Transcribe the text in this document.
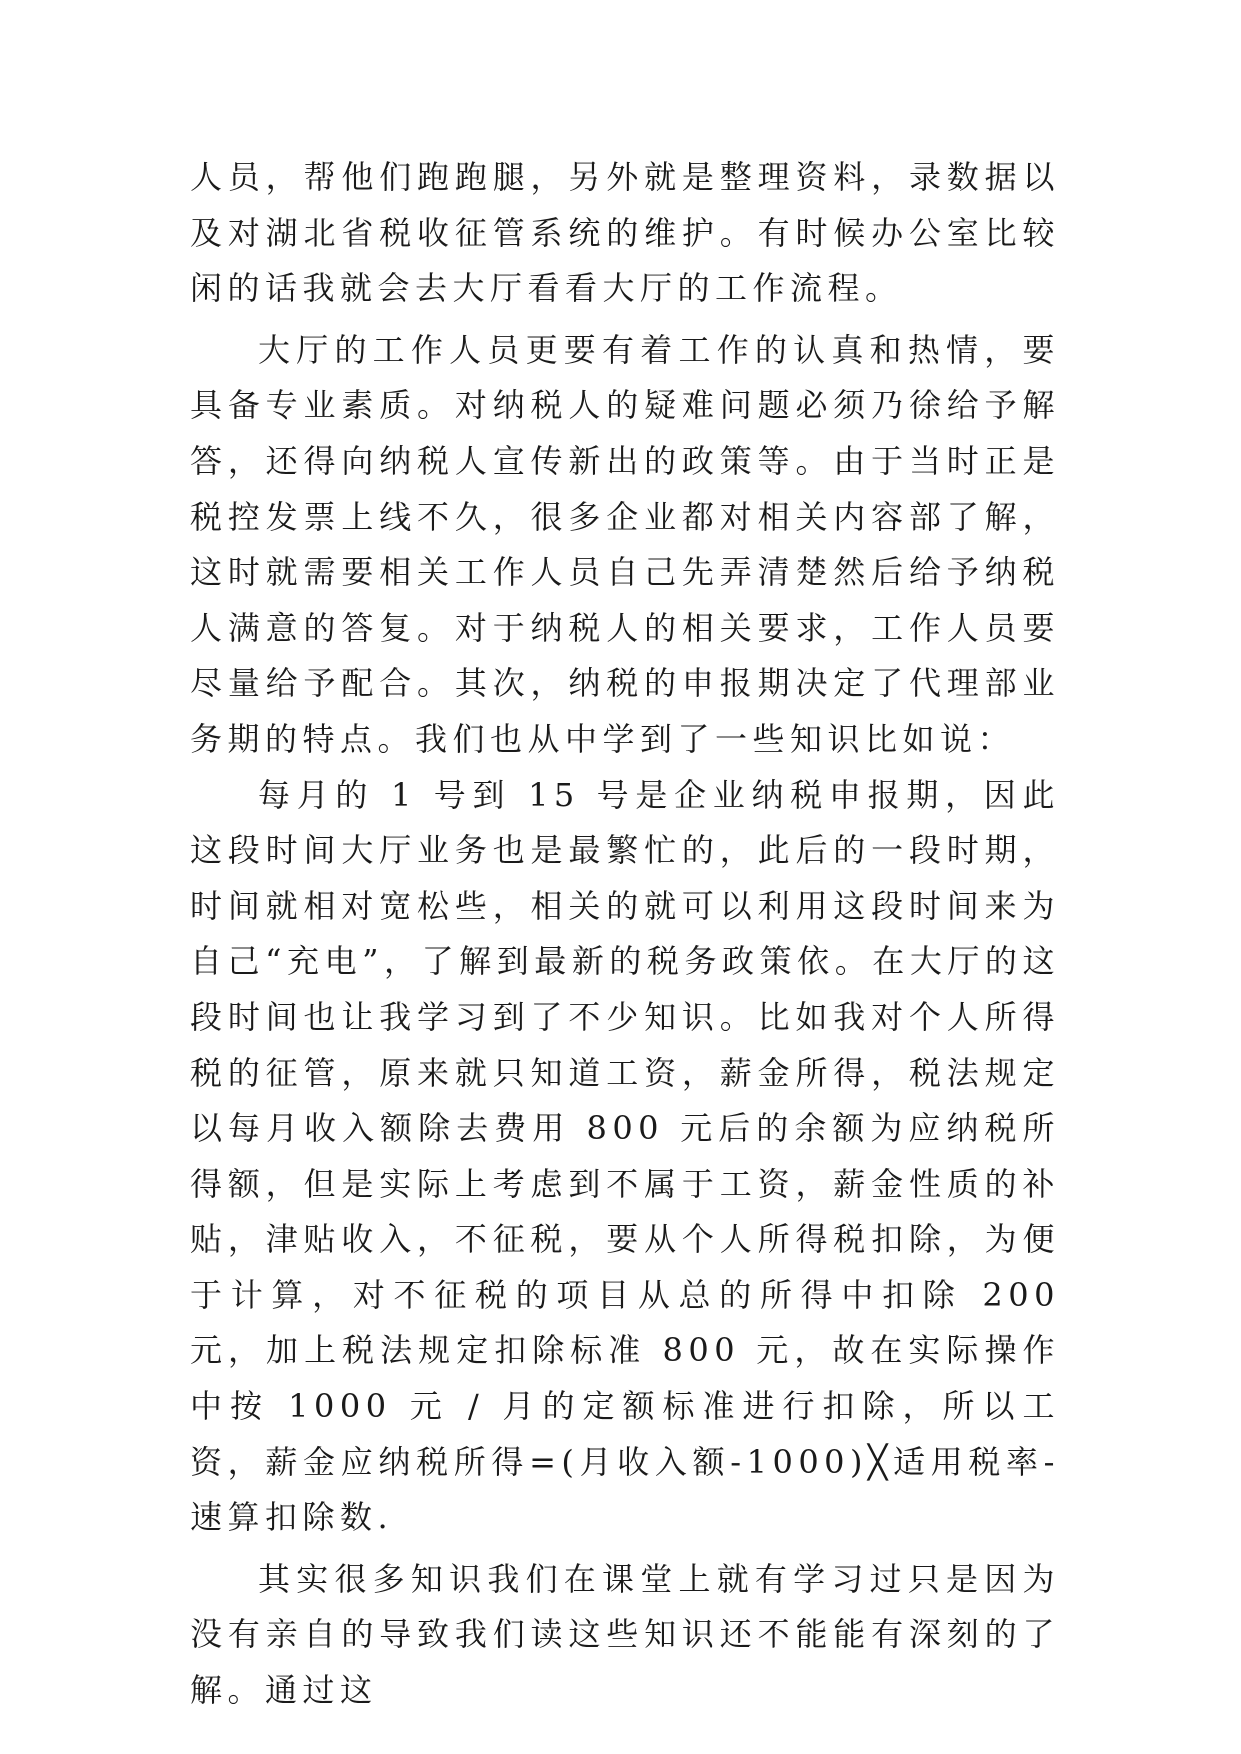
人员，帮他们跑跑腿，另外就是整理资料，录数据以及对湖北省税收征管系统的维护。有时候办公室比较闲的话我就会去大厅看看大厅的工作流程。

大厅的工作人员更要有着工作的认真和热情，要具备专业素质。对纳税人的疑难问题必须乃徐给予解答，还得向纳税人宣传新出的政策等。由于当时正是税控发票上线不久，很多企业都对相关内容部了解，这时就需要相关工作人员自己先弄清楚然后给予纳税人满意的答复。对于纳税人的相关要求，工作人员要尽量给予配合。其次，纳税的申报期决定了代理部业务期的特点。我们也从中学到了一些知识比如说：

每月的 1 号到 15 号是企业纳税申报期，因此这段时间大厅业务也是最繁忙的，此后的一段时期，时间就相对宽松些，相关的就可以利用这段时间来为自己“充电”，了解到最新的税务政策依。在大厅的这段时间也让我学习到了不少知识。比如我对个人所得税的征管，原来就只知道工资，薪金所得，税法规定以每月收入额除去费用 800 元后的余额为应纳税所得额，但是实际上考虑到不属于工资，薪金性质的补贴，津贴收入，不征税，要从个人所得税扣除，为便于计算，对不征税的项目从总的所得中扣除 200 元，加上税法规定扣除标准 800 元，故在实际操作中按 1000 元 / 月的定额标准进行扣除，所以工资，薪金应纳税所得=(月收入额-1000)╳适用税率-速算扣除数.

其实很多知识我们在课堂上就有学习过只是因为没有亲自的导致我们读这些知识还不能能有深刻的了解。通过这
